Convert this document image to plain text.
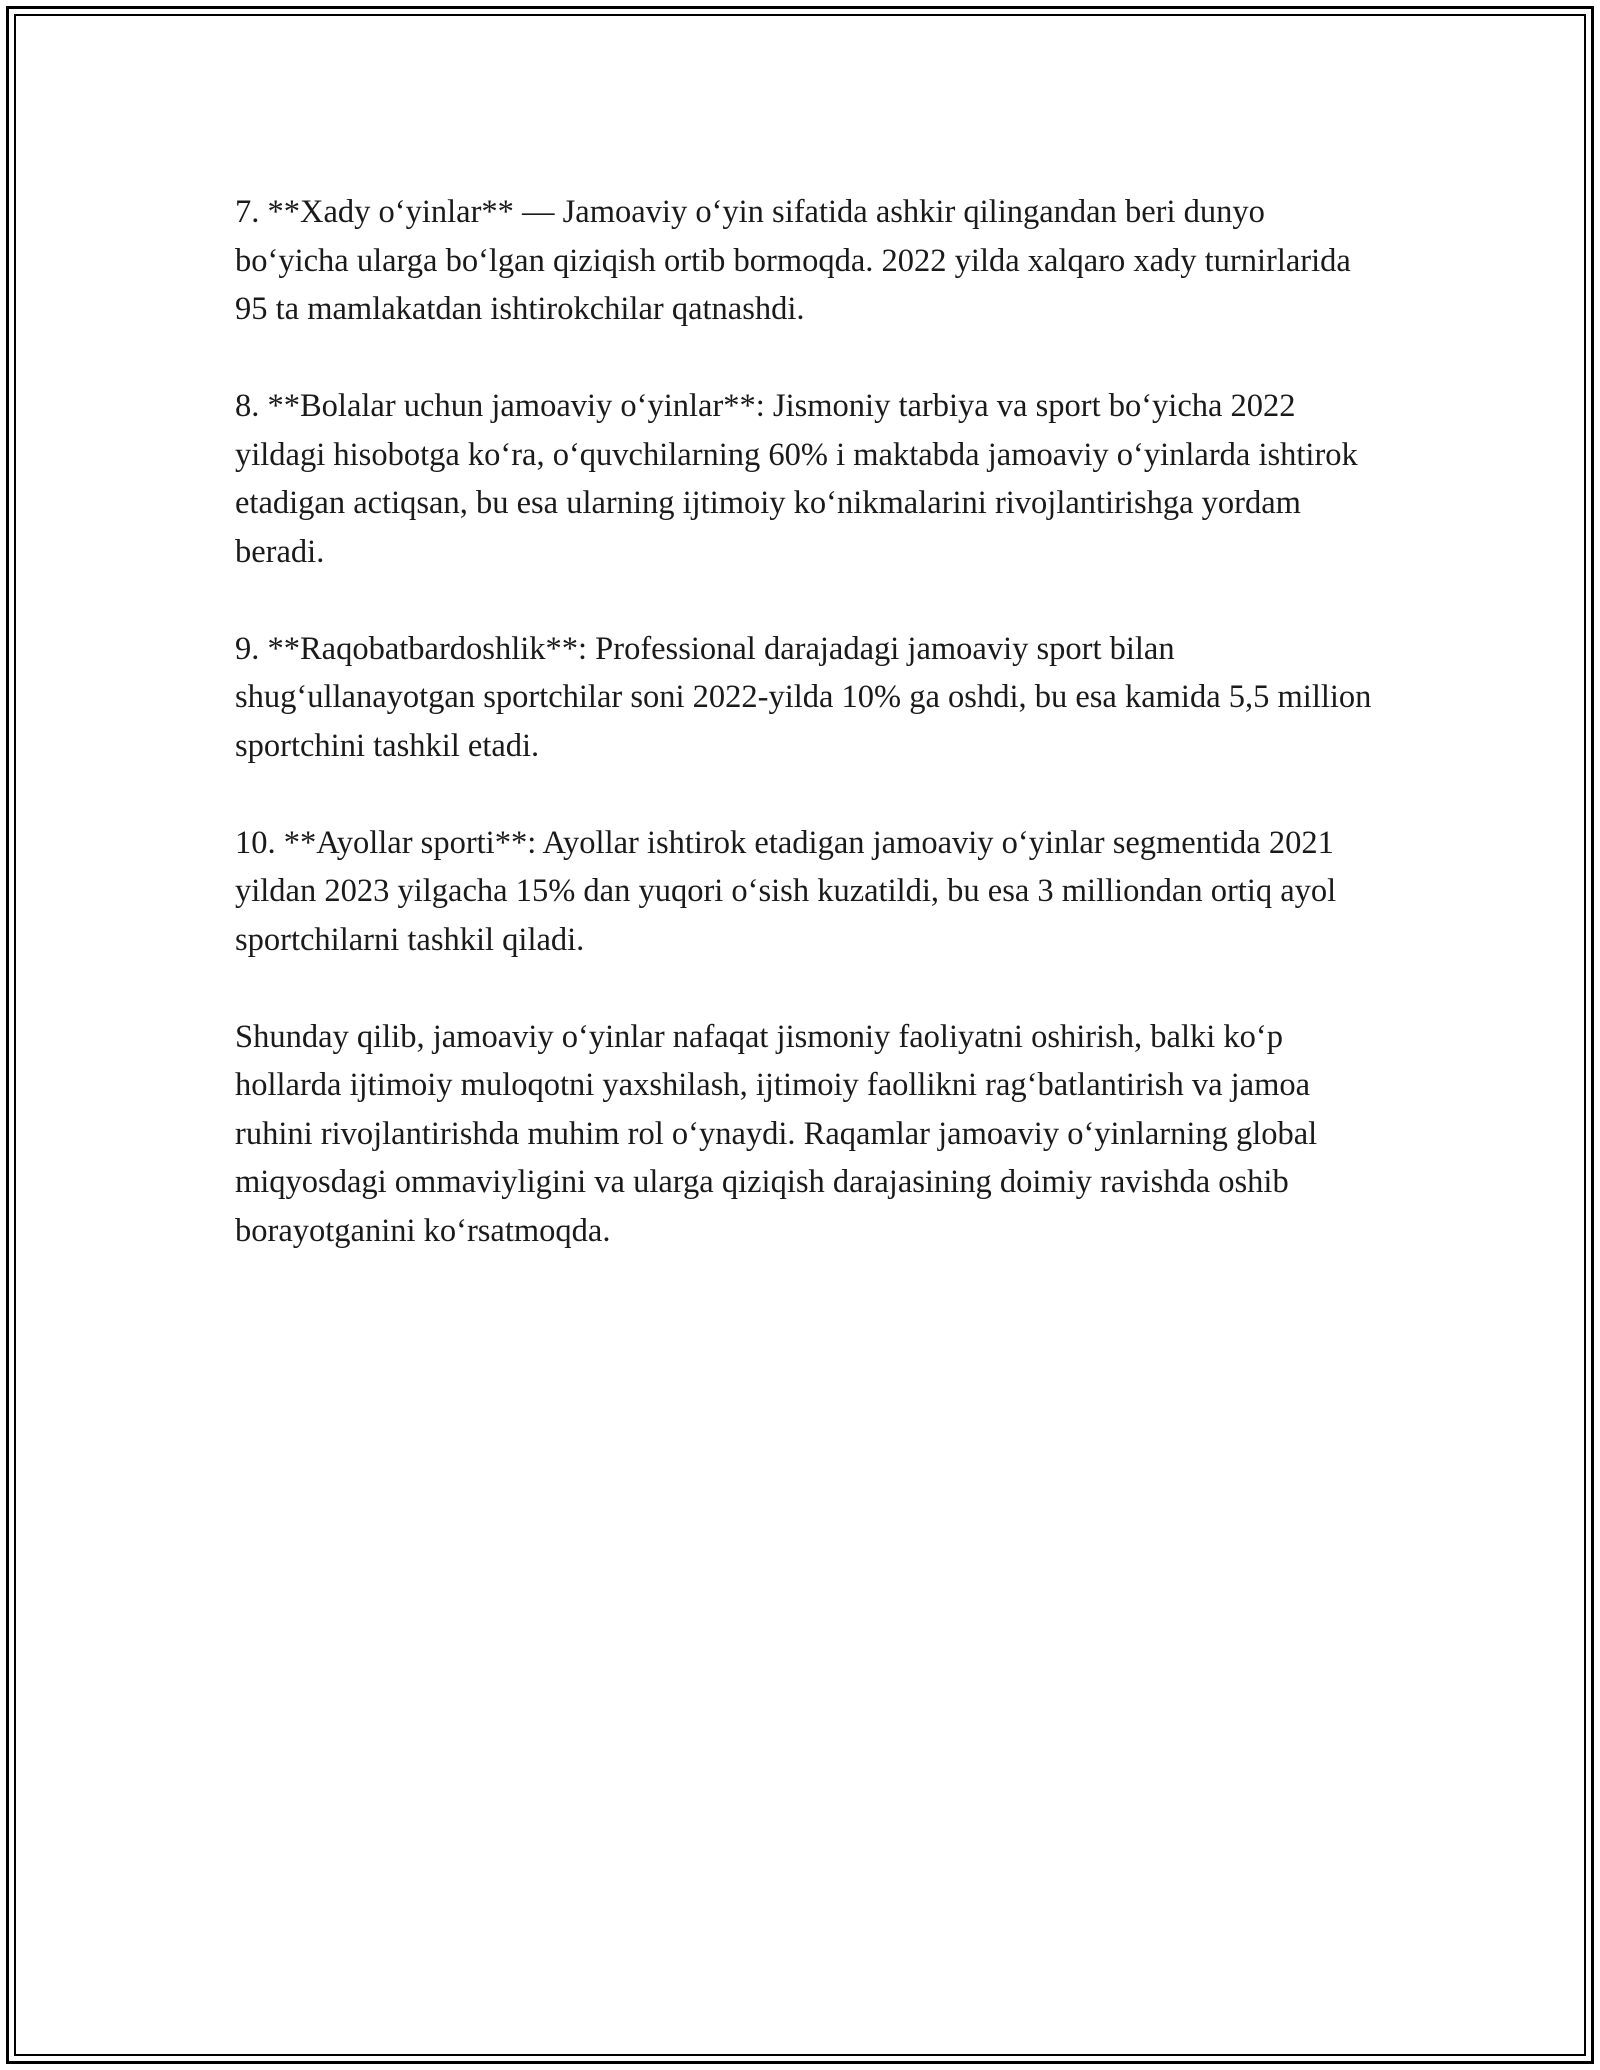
7. **Xady o‘yinlar** — Jamoaviy o‘yin sifatida ashkir qilingandan beri dunyo bo‘yicha ularga bo‘lgan qiziqish ortib bormoqda. 2022 yilda xalqaro xady turnirlarida 95 ta mamlakatdan ishtirokchilar qatnashdi.

8. **Bolalar uchun jamoaviy o‘yinlar**: Jismoniy tarbiya va sport bo‘yicha 2022 yildagi hisobotga ko‘ra, o‘quvchilarning 60% i maktabda jamoaviy o‘yinlarda ishtirok etadigan actiqsan, bu esa ularning ijtimoiy ko‘nikmalarini rivojlantirishga yordam beradi.

9. **Raqobatbardoshlik**: Professional darajadagi jamoaviy sport bilan shug‘ullanayotgan sportchilar soni 2022-yilda 10% ga oshdi, bu esa kamida 5,5 million sportchini tashkil etadi.

10. **Ayollar sporti**: Ayollar ishtirok etadigan jamoaviy o‘yinlar segmentida 2021 yildan 2023 yilgacha 15% dan yuqori o‘sish kuzatildi, bu esa 3 milliondan ortiq ayol sportchilarni tashkil qiladi.

Shunday qilib, jamoaviy o‘yinlar nafaqat jismoniy faoliyatni oshirish, balki ko‘p hollarda ijtimoiy muloqotni yaxshilash, ijtimoiy faollikni rag‘batlantirish va jamoa ruhini rivojlantirishda muhim rol o‘ynaydi. Raqamlar jamoaviy o‘yinlarning global miqyosdagi ommaviyligini va ularga qiziqish darajasining doimiy ravishda oshib borayotganini ko‘rsatmoqda.
